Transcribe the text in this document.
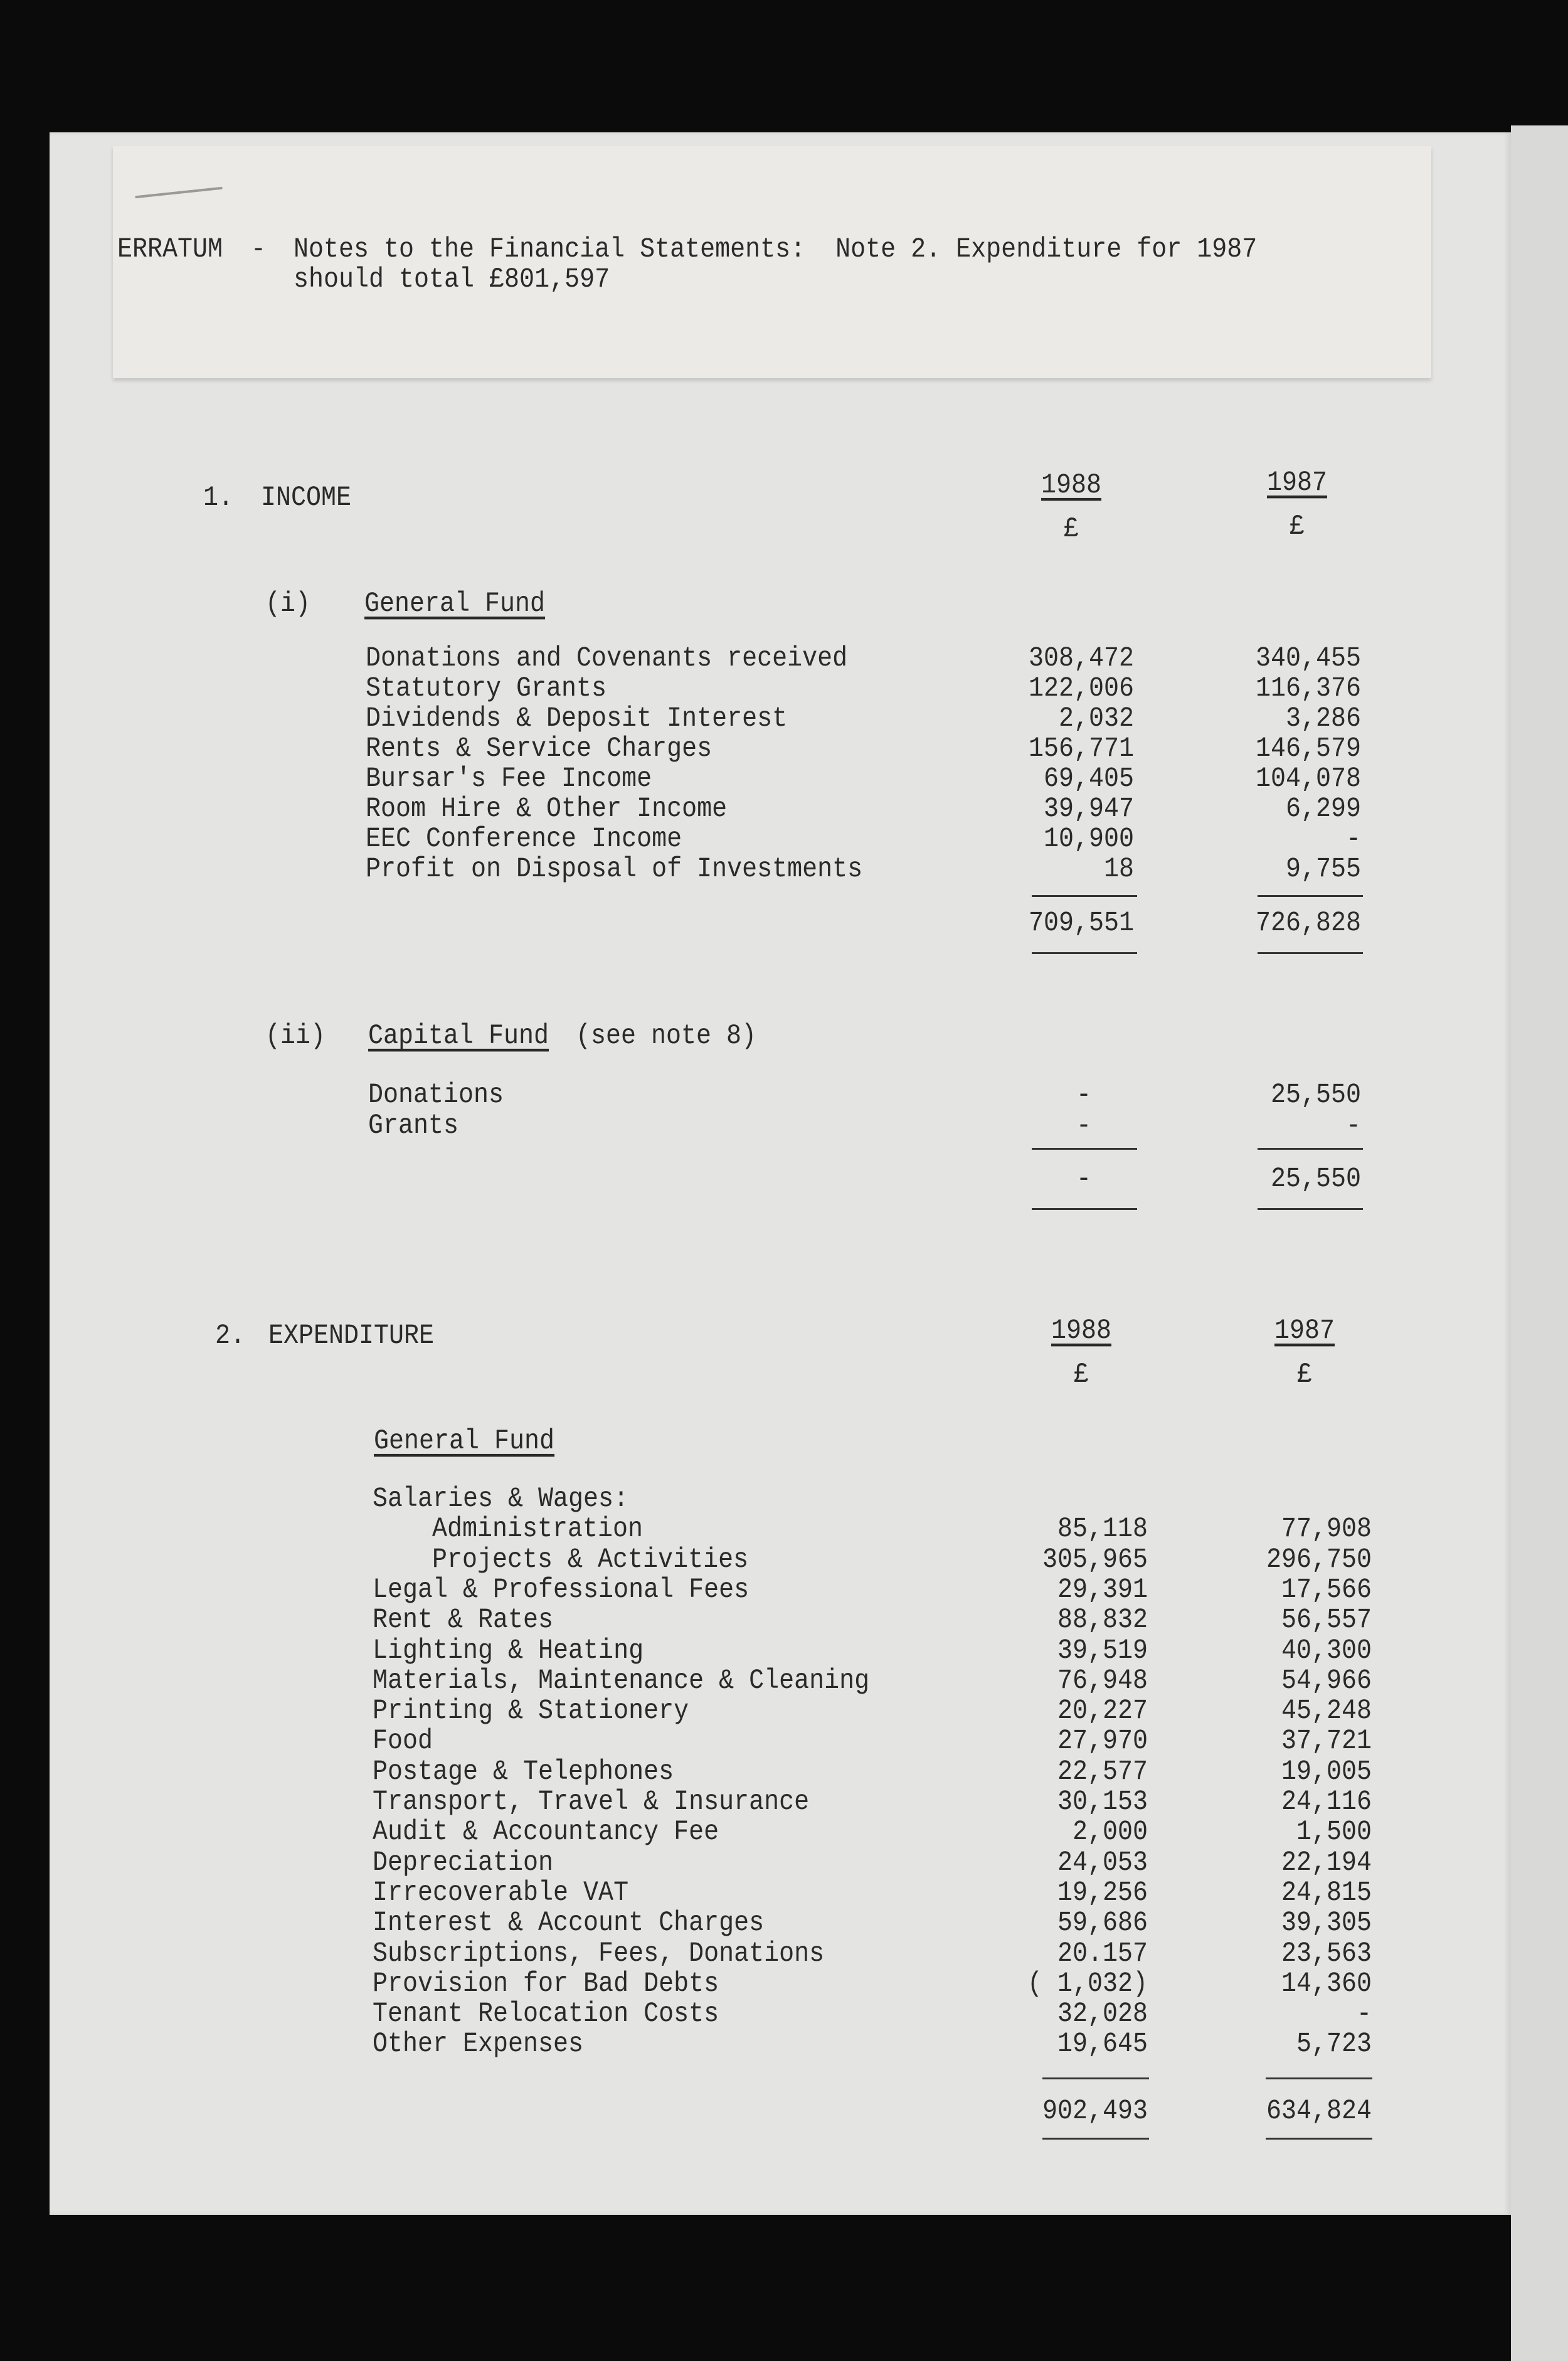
ERRATUM - Notes to the Financial Statements:  Note 2. Expenditure for 1987
should total £801,597
1. INCOME	1988	1987
£	£
(i) General Fund
Donations and Covenants received	308,472	340,455
Statutory Grants	122,006	116,376
Dividends & Deposit Interest	2,032	3,286
Rents & Service Charges	156,771	146,579
Bursar's Fee Income	69,405	104,078
Room Hire & Other Income	39,947	6,299
EEC Conference Income	10,900	-
Profit on Disposal of Investments	18	9,755
709,551	726,828
(ii) Capital Fund (see note 8)
Donations	-	25,550
Grants	-	-
-	25,550
2. EXPENDITURE	1988	1987
£	£
General Fund
Salaries & Wages:
Administration	85,118	77,908
Projects & Activities	305,965	296,750
Legal & Professional Fees	29,391	17,566
Rent & Rates	88,832	56,557
Lighting & Heating	39,519	40,300
Materials, Maintenance & Cleaning	76,948	54,966
Printing & Stationery	20,227	45,248
Food	27,970	37,721
Postage & Telephones	22,577	19,005
Transport, Travel & Insurance	30,153	24,116
Audit & Accountancy Fee	2,000	1,500
Depreciation	24,053	22,194
Irrecoverable VAT	19,256	24,815
Interest & Account Charges	59,686	39,305
Subscriptions, Fees, Donations	20.157	23,563
Provision for Bad Debts	( 1,032)	14,360
Tenant Relocation Costs	32,028	-
Other Expenses	19,645	5,723
902,493	634,824
